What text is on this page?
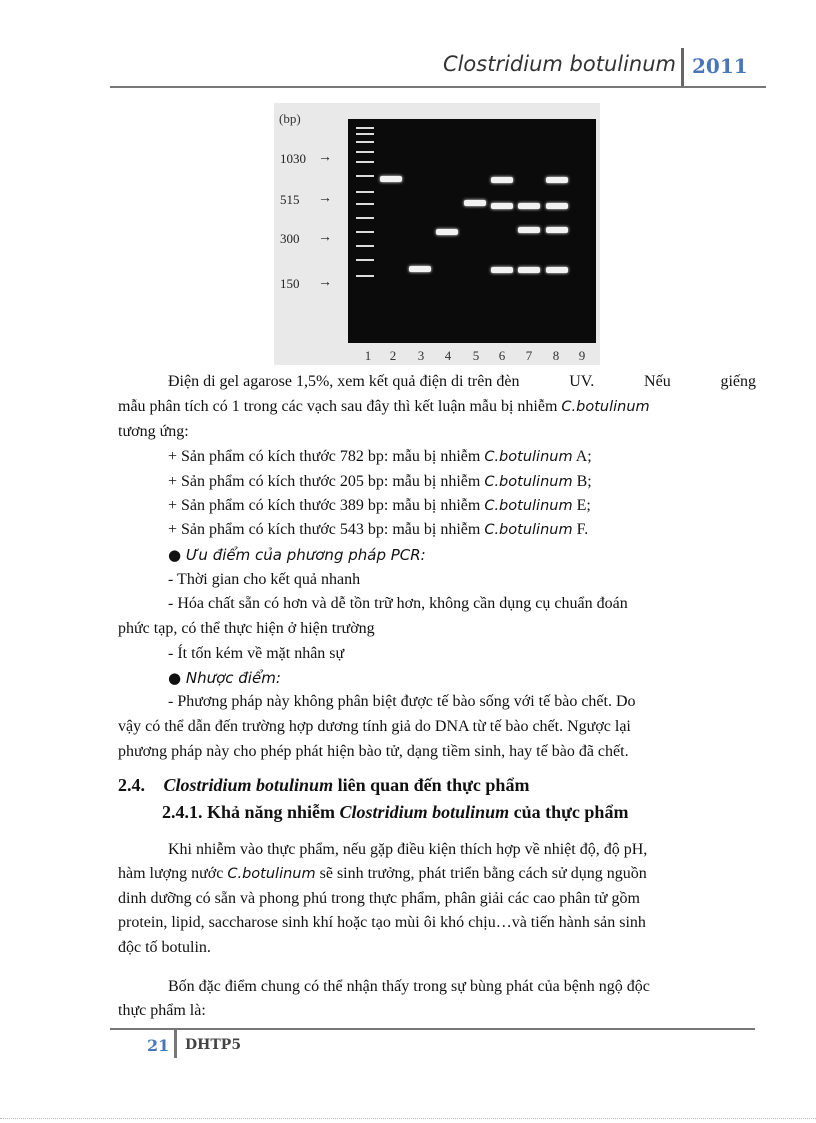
Clostridium botulinum 2011
(bp)
1030 →
515 →
300 →
150 →
1 2 3 4 5 6 7 8 9
Điện di gel agarose 1,5%, xem kết quả điện di trên đèn	UV.	Nếu	giếng
mẫu phân tích có 1 trong các vạch sau đây thì kết luận mẫu bị nhiễm C.botulinum
tương ứng:
+ Sản phẩm có kích thước 782 bp: mẫu bị nhiễm C.botulinum A;
+ Sản phẩm có kích thước 205 bp: mẫu bị nhiễm C.botulinum B;
+ Sản phẩm có kích thước 389 bp: mẫu bị nhiễm C.botulinum E;
+ Sản phẩm có kích thước 543 bp: mẫu bị nhiễm C.botulinum F.
● Ưu điểm của phương pháp PCR:
- Thời gian cho kết quả nhanh
- Hóa chất sẵn có hơn và dễ tồn trữ hơn, không cần dụng cụ chuẩn đoán
phức tạp, có thể thực hiện ở hiện trường
- Ít tốn kém về mặt nhân sự
● Nhược điểm:
- Phương pháp này không phân biệt được tế bào sống với tế bào chết. Do
vậy có thể dẫn đến trường hợp dương tính giả do DNA từ tế bào chết. Ngược lại
phương pháp này cho phép phát hiện bào tử, dạng tiềm sinh, hay tế bào đã chết.
2.4. Clostridium botulinum liên quan đến thực phẩm
2.4.1. Khả năng nhiễm Clostridium botulinum của thực phẩm
Khi nhiễm vào thực phẩm, nếu gặp điều kiện thích hợp về nhiệt độ, độ pH,
hàm lượng nước C.botulinum sẽ sinh trưởng, phát triển bằng cách sử dụng nguồn
dinh dưỡng có sẵn và phong phú trong thực phẩm, phân giải các cao phân tử gồm
protein, lipid, saccharose sinh khí hoặc tạo mùi ôi khó chịu…và tiến hành sản sinh
độc tố botulin.
Bốn đặc điểm chung có thể nhận thấy trong sự bùng phát của bệnh ngộ độc
thực phẩm là:
21 DHTP5
